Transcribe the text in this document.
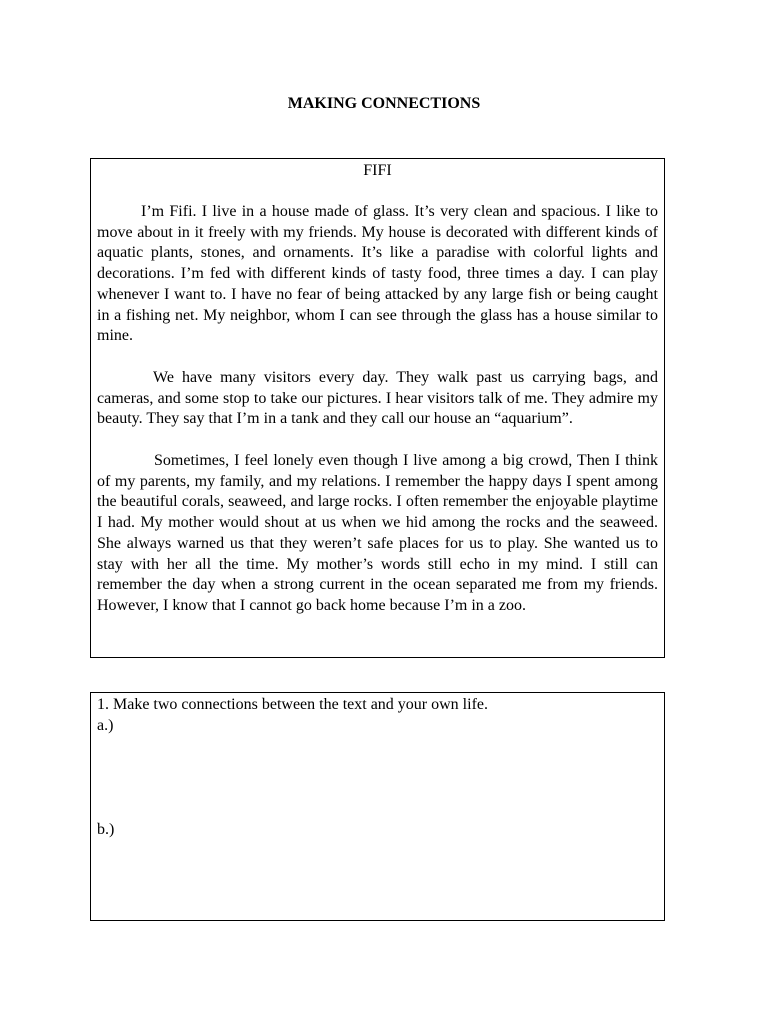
MAKING CONNECTIONS
FIFI

I’m Fifi. I live in a house made of glass. It’s very clean and spacious. I like to move about in it freely with my friends. My house is decorated with different kinds of aquatic plants, stones, and ornaments. It’s like a paradise with colorful lights and decorations. I’m fed with different kinds of tasty food, three times a day. I can play whenever I want to. I have no fear of being attacked by any large fish or being caught in a fishing net. My neighbor, whom I can see through the glass has a house similar to mine.

We have many visitors every day. They walk past us carrying bags, and cameras, and some stop to take our pictures. I hear visitors talk of me. They admire my beauty. They say that I’m in a tank and they call our house an “aquarium”.

Sometimes, I feel lonely even though I live among a big crowd, Then I think of my parents, my family, and my relations. I remember the happy days I spent among the beautiful corals, seaweed, and large rocks. I often remember the enjoyable playtime I had. My mother would shout at us when we hid among the rocks and the seaweed. She always warned us that they weren’t safe places for us to play. She wanted us to stay with her all the time. My mother’s words still echo in my mind. I still can remember the day when a strong current in the ocean separated me from my friends. However, I know that I cannot go back home because I’m in a zoo.

1. Make two connections between the text and your own life.
a.)
b.)
